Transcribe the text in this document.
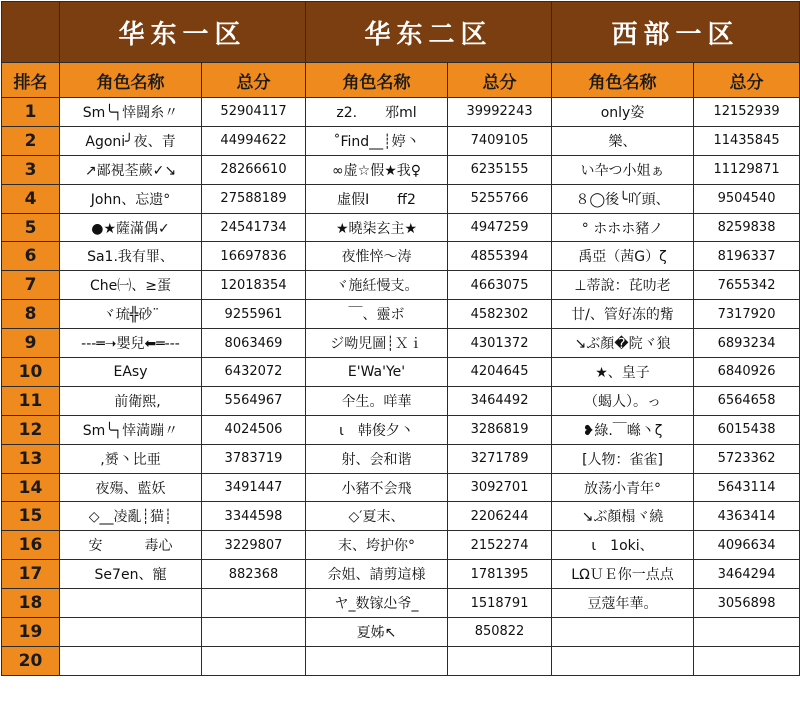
	华东一区		华东二区		西部一区	
排名	角色名称	总分	角色名称	总分	角色名称	总分
1	Sm╰┐悻闘糸〃	52904117	z2.　　邪ml	39992243	only姿	12152939
2	Agoni╯夜、青	44994622	˚Find__┊婷丶	7409105	樂、	11435845
3	↗鄙視荃蕨✓↘	28266610	∞虚☆假★我♀	6235155	い卆つ小姐ぁ	11129871
4	John、忘遗°	27588189	虛假I　　ff2	5255766	８◯後╰吖頭、	9504540
5	●★薩滿偶✓	24541734	★曉柒玄主★	4947259	° ホホホ豬ノ	8259838
6	Sa1.我有罪、	16697836	夜惟悴～涛	4855394	禹亞（茜G）ζ	8196337
7	Che㈠、≥蛋	12018354	ヾ施紝慢支。	4663075	⊥蒂說：芘叻老	7655342
8	ヾ琉╬砂¨	9255961	￣、靈ボ	4582302	廿/、管好冻的觜	7317920
9	---═➝嬰兒⬅═---	8063469	ジ呦児圖┊Ｘｉ	4301372	↘ぶ顏�院ヾ狼	6893234
10	EAsy	6432072	E'Wa'Ye'	4204645	★、皇子	6840926
11	　前衛熙,	5564967	仐生。咩華	3464492	（蝎人）。っ	6564658
12	Sm╰┐悻満蹦〃	4024506	ι　韩俊夕丶	3286819	❥綠.￣噝丶ζ	6015438
13	,赟丶比亜	3783719	射、会和谐	3271789	[人物：雀雀]	5723362
14	夜殤、藍妖	3491447	小豬不会飛	3092701	放荡小青年°	5643114
15	◇__凌亂┊猫┊	3344598	◇′夏末、	2206244	↘ぶ顏榻ヾ繞	4363414
16	安　　　毒心	3229807	末、垮护你°	2152274	ι　1oki、	4096634
17	Se7en、寵	882368	佘姐、請剪這様	1781395	LΩＵＥ你一点点	3464294
18			ヤ_数镓尐爷_	1518791	豆蔻年華。	3056898
19			夏姊↖	850822		
20						
